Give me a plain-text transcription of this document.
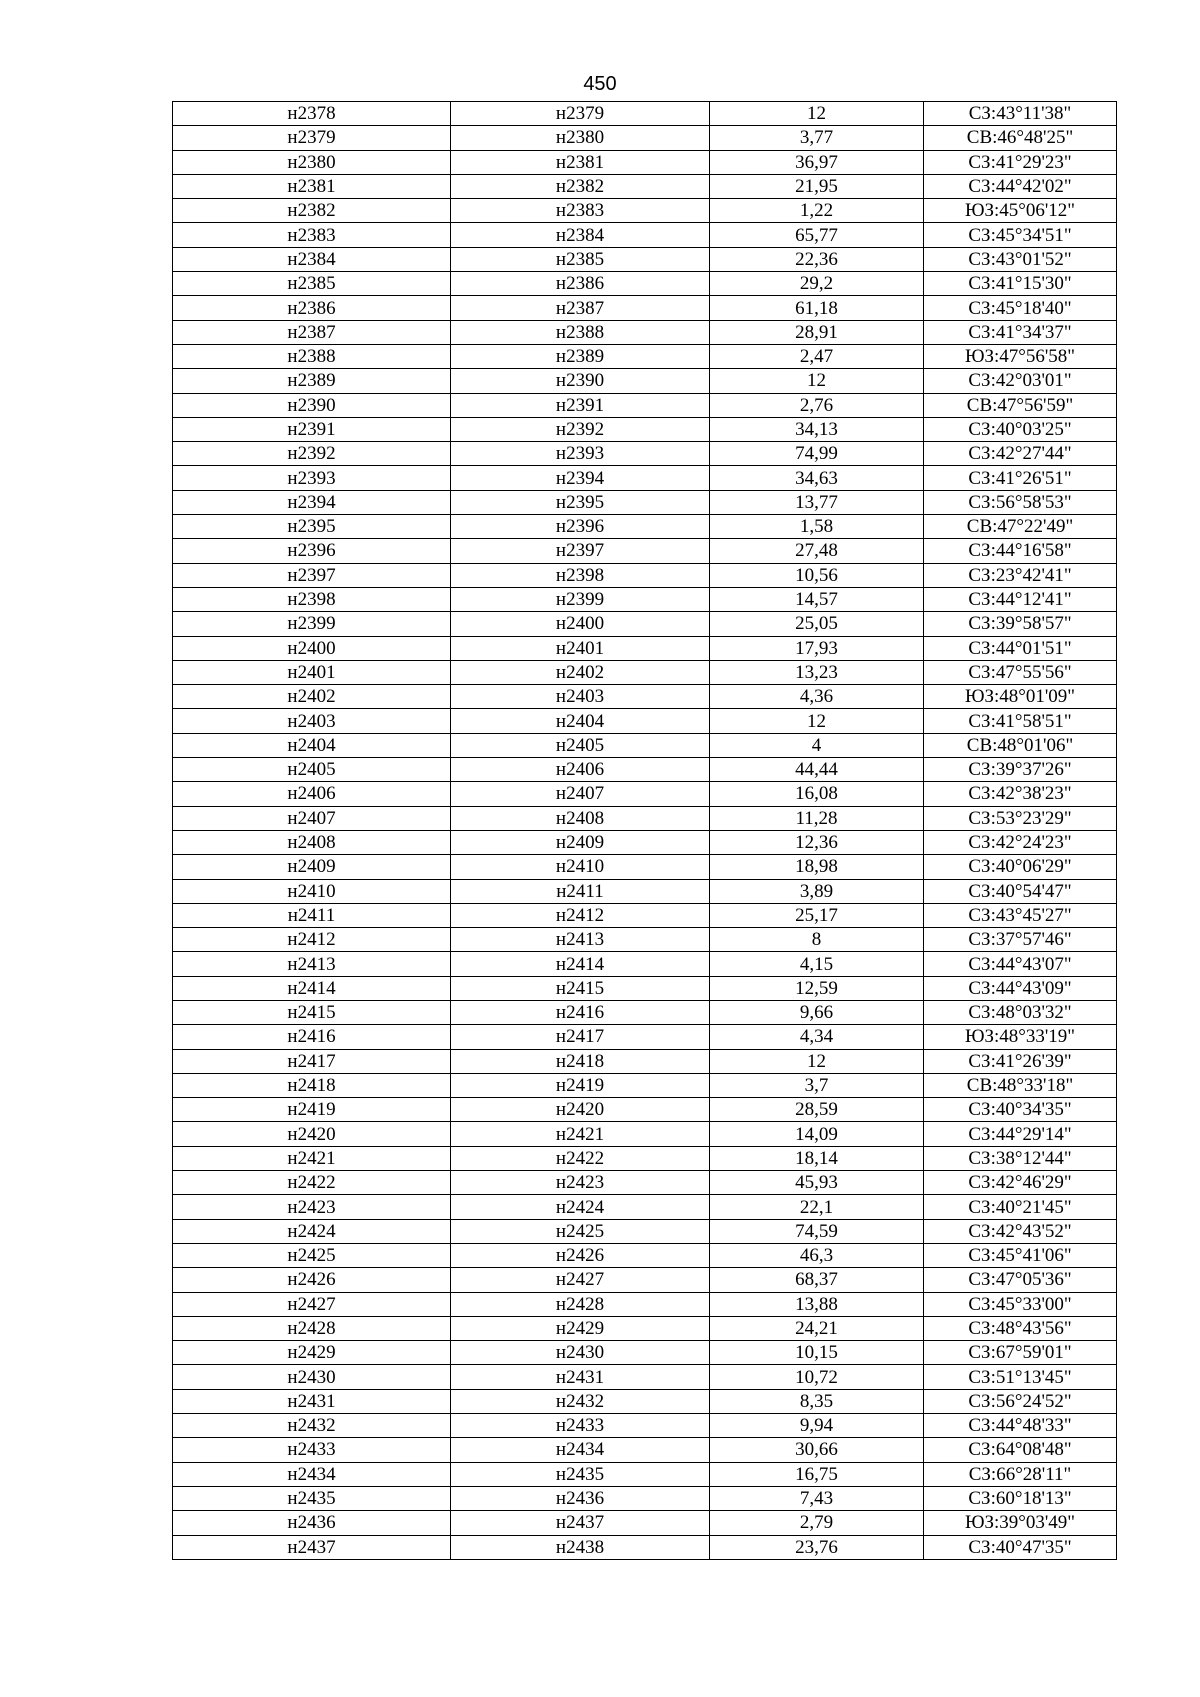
450
н2378	н2379	12	СЗ:43°11'38"
н2379	н2380	3,77	СВ:46°48'25"
н2380	н2381	36,97	СЗ:41°29'23"
н2381	н2382	21,95	СЗ:44°42'02"
н2382	н2383	1,22	ЮЗ:45°06'12"
н2383	н2384	65,77	СЗ:45°34'51"
н2384	н2385	22,36	СЗ:43°01'52"
н2385	н2386	29,2	СЗ:41°15'30"
н2386	н2387	61,18	СЗ:45°18'40"
н2387	н2388	28,91	СЗ:41°34'37"
н2388	н2389	2,47	ЮЗ:47°56'58"
н2389	н2390	12	СЗ:42°03'01"
н2390	н2391	2,76	СВ:47°56'59"
н2391	н2392	34,13	СЗ:40°03'25"
н2392	н2393	74,99	СЗ:42°27'44"
н2393	н2394	34,63	СЗ:41°26'51"
н2394	н2395	13,77	СЗ:56°58'53"
н2395	н2396	1,58	СВ:47°22'49"
н2396	н2397	27,48	СЗ:44°16'58"
н2397	н2398	10,56	СЗ:23°42'41"
н2398	н2399	14,57	СЗ:44°12'41"
н2399	н2400	25,05	СЗ:39°58'57"
н2400	н2401	17,93	СЗ:44°01'51"
н2401	н2402	13,23	СЗ:47°55'56"
н2402	н2403	4,36	ЮЗ:48°01'09"
н2403	н2404	12	СЗ:41°58'51"
н2404	н2405	4	СВ:48°01'06"
н2405	н2406	44,44	СЗ:39°37'26"
н2406	н2407	16,08	СЗ:42°38'23"
н2407	н2408	11,28	СЗ:53°23'29"
н2408	н2409	12,36	СЗ:42°24'23"
н2409	н2410	18,98	СЗ:40°06'29"
н2410	н2411	3,89	СЗ:40°54'47"
н2411	н2412	25,17	СЗ:43°45'27"
н2412	н2413	8	СЗ:37°57'46"
н2413	н2414	4,15	СЗ:44°43'07"
н2414	н2415	12,59	СЗ:44°43'09"
н2415	н2416	9,66	СЗ:48°03'32"
н2416	н2417	4,34	ЮЗ:48°33'19"
н2417	н2418	12	СЗ:41°26'39"
н2418	н2419	3,7	СВ:48°33'18"
н2419	н2420	28,59	СЗ:40°34'35"
н2420	н2421	14,09	СЗ:44°29'14"
н2421	н2422	18,14	СЗ:38°12'44"
н2422	н2423	45,93	СЗ:42°46'29"
н2423	н2424	22,1	СЗ:40°21'45"
н2424	н2425	74,59	СЗ:42°43'52"
н2425	н2426	46,3	СЗ:45°41'06"
н2426	н2427	68,37	СЗ:47°05'36"
н2427	н2428	13,88	СЗ:45°33'00"
н2428	н2429	24,21	СЗ:48°43'56"
н2429	н2430	10,15	СЗ:67°59'01"
н2430	н2431	10,72	СЗ:51°13'45"
н2431	н2432	8,35	СЗ:56°24'52"
н2432	н2433	9,94	СЗ:44°48'33"
н2433	н2434	30,66	СЗ:64°08'48"
н2434	н2435	16,75	СЗ:66°28'11"
н2435	н2436	7,43	СЗ:60°18'13"
н2436	н2437	2,79	ЮЗ:39°03'49"
н2437	н2438	23,76	СЗ:40°47'35"
